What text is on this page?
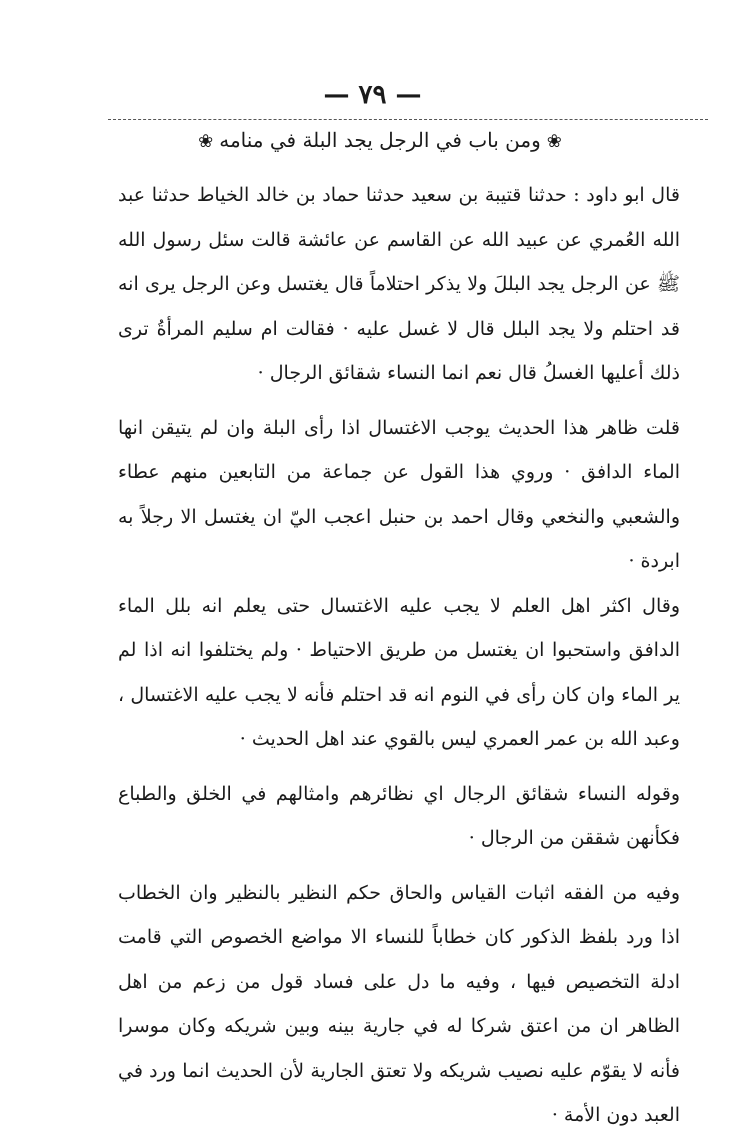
— ٧٩ —
❀ومن باب في الرجل يجد البلة في منامه❀

قال ابو داود : حدثنا قتيبة بن سعيد حدثنا حماد بن خالد الخياط حدثنا عبد الله العُمري عن عبيد الله عن القاسم عن عائشة قالت سئل رسول الله ﷺ عن الرجل يجد البللَ ولا يذكر احتلاماً قال يغتسل وعن الرجل يرى انه قد احتلم ولا يجد البلل قال لا غسل عليه · فقالت ام سليم المرأةُ ترى ذلك أعليها الغسلُ قال نعم انما النساء شقائق الرجال ·

قلت ظاهر هذا الحديث يوجب الاغتسال اذا رأى البلة وان لم يتيقن انها الماء الدافق · وروي هذا القول عن جماعة من التابعين منهم عطاء والشعبي والنخعي وقال احمد بن حنبل اعجب اليّ ان يغتسل الا رجلاً به ابردة ·

وقال اكثر اهل العلم لا يجب عليه الاغتسال حتى يعلم انه بلل الماء الدافق واستحبوا ان يغتسل من طريق الاحتياط · ولم يختلفوا انه اذا لم ير الماء وان كان رأى في النوم انه قد احتلم فأنه لا يجب عليه الاغتسال ، وعبد الله بن عمر العمري ليس بالقوي عند اهل الحديث ·

وقوله النساء شقائق الرجال اي نظائرهم وامثالهم في الخلق والطباع فكأنهن شققن من الرجال ·

وفيه من الفقه اثبات القياس والحاق حكم النظير بالنظير وان الخطاب اذا ورد بلفظ الذكور كان خطاباً للنساء الا مواضع الخصوص التي قامت ادلة التخصيص فيها ، وفيه ما دل على فساد قول من زعم من اهل الظاهر ان من اعتق شركا له في جارية بينه وبين شريكه وكان موسرا فأنه لا يقوّم عليه نصيب شريكه ولا تعتق الجارية لأن الحديث انما ورد في العبد دون الأمة ·
